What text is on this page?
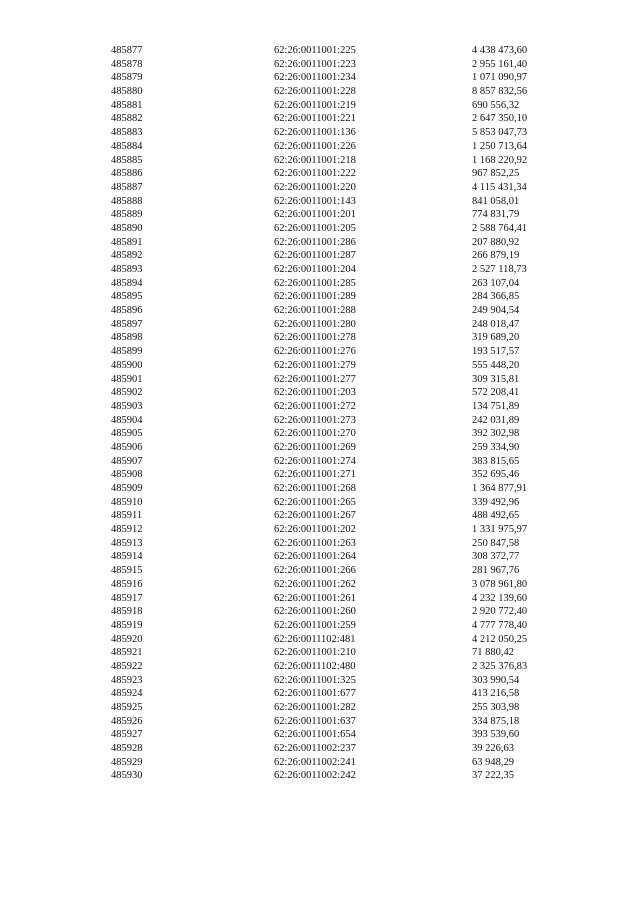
485877	62:26:0011001:225	4 438 473,60
485878	62:26:0011001:223	2 955 161,40
485879	62:26:0011001:234	1 071 090,97
485880	62:26:0011001:228	8 857 832,56
485881	62:26:0011001:219	690 556,32
485882	62:26:0011001:221	2 647 350,10
485883	62:26:0011001:136	5 853 047,73
485884	62:26:0011001:226	1 250 713,64
485885	62:26:0011001:218	1 168 220,92
485886	62:26:0011001:222	967 852,25
485887	62:26:0011001:220	4 115 431,34
485888	62:26:0011001:143	841 058,01
485889	62:26:0011001:201	774 831,79
485890	62:26:0011001:205	2 588 764,41
485891	62:26:0011001:286	207 880,92
485892	62:26:0011001:287	266 879,19
485893	62:26:0011001:204	2 527 118,73
485894	62:26:0011001:285	263 107,04
485895	62:26:0011001:289	284 366,85
485896	62:26:0011001:288	249 904,54
485897	62:26:0011001:280	248 018,47
485898	62:26:0011001:278	319 689,20
485899	62:26:0011001:276	193 517,57
485900	62:26:0011001:279	555 448,20
485901	62:26:0011001:277	309 315,81
485902	62:26:0011001:203	572 208,41
485903	62:26:0011001:272	134 751,89
485904	62:26:0011001:273	242 031,89
485905	62:26:0011001:270	392 302,98
485906	62:26:0011001:269	259 334,90
485907	62:26:0011001:274	383 815,65
485908	62:26:0011001:271	352 695,46
485909	62:26:0011001:268	1 364 877,91
485910	62:26:0011001:265	339 492,96
485911	62:26:0011001:267	488 492,65
485912	62:26:0011001:202	1 331 975,97
485913	62:26:0011001:263	250 847,58
485914	62:26:0011001:264	308 372,77
485915	62:26:0011001:266	281 967,76
485916	62:26:0011001:262	3 078 961,80
485917	62:26:0011001:261	4 232 139,60
485918	62:26:0011001:260	2 920 772,40
485919	62:26:0011001:259	4 777 778,40
485920	62:26:0011102:481	4 212 050,25
485921	62:26:0011001:210	71 880,42
485922	62:26:0011102:480	2 325 376,83
485923	62:26:0011001:325	303 990,54
485924	62:26:0011001:677	413 216,58
485925	62:26:0011001:282	255 303,98
485926	62:26:0011001:637	334 875,18
485927	62:26:0011001:654	393 539,60
485928	62:26:0011002:237	39 226,63
485929	62:26:0011002:241	63 948,29
485930	62:26:0011002:242	37 222,35
